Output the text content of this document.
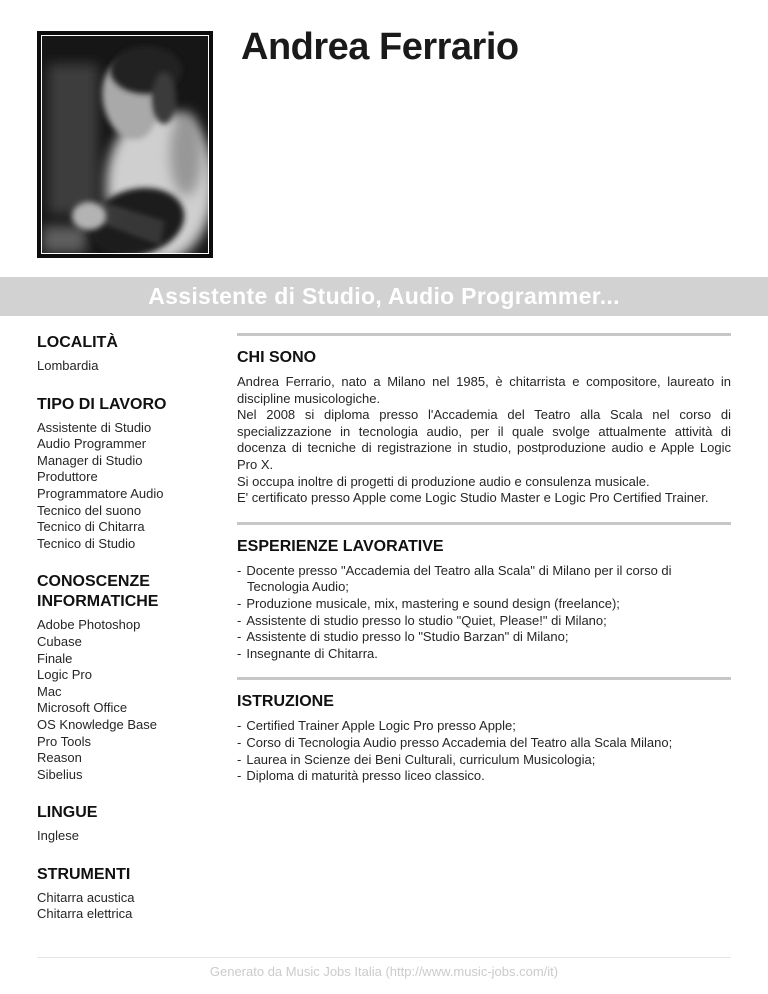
Andrea Ferrario
Assistente di Studio, Audio Programmer...
LOCALITÀ
Lombardia
TIPO DI LAVORO
Assistente di Studio
Audio Programmer
Manager di Studio
Produttore
Programmatore Audio
Tecnico del suono
Tecnico di Chitarra
Tecnico di Studio
CONOSCENZE INFORMATICHE
Adobe Photoshop
Cubase
Finale
Logic Pro
Mac
Microsoft Office
OS Knowledge Base
Pro Tools
Reason
Sibelius
LINGUE
Inglese
STRUMENTI
Chitarra acustica
Chitarra elettrica
CHI SONO

Andrea Ferrario, nato a Milano nel 1985, è chitarrista e compositore, laureato in discipline musicologiche.

Nel 2008 si diploma presso l'Accademia del Teatro alla Scala nel corso di specializzazione in tecnologia audio, per il quale svolge attualmente attività di docenza di tecniche di registrazione in studio, postproduzione audio e Apple Logic Pro X.

Si occupa inoltre di progetti di produzione audio e consulenza musicale.

E' certificato presso Apple come Logic Studio Master e Logic Pro Certified Trainer.

ESPERIENZE LAVORATIVE
- Docente presso "Accademia del Teatro alla Scala" di Milano per il corso di Tecnologia Audio;
- Produzione musicale, mix, mastering e sound design (freelance);
- Assistente di studio presso lo studio "Quiet, Please!" di Milano;
- Assistente di studio presso lo "Studio Barzan" di Milano;
- Insegnante di Chitarra.
ISTRUZIONE
- Certified Trainer Apple Logic Pro presso Apple;
- Corso di Tecnologia Audio presso Accademia del Teatro alla Scala Milano;
- Laurea in Scienze dei Beni Culturali, curriculum Musicologia;
- Diploma di maturità presso liceo classico.
Generato da Music Jobs Italia (http://www.music-jobs.com/it)
